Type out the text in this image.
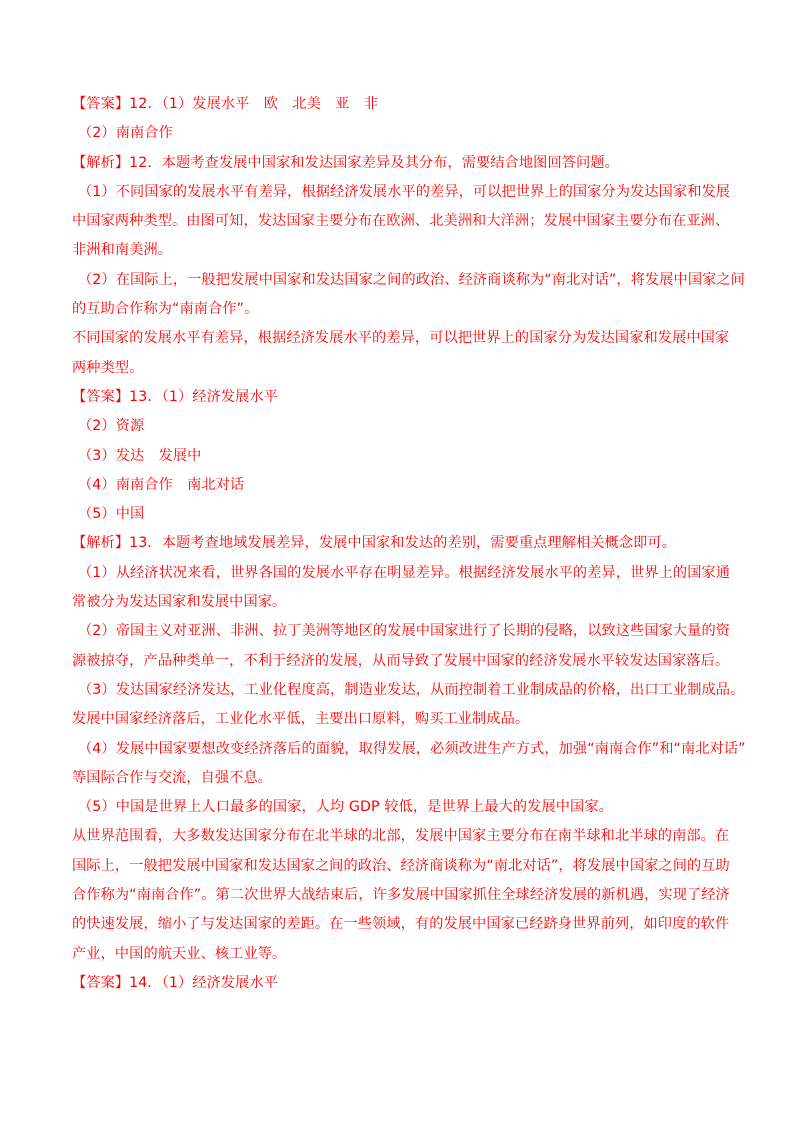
【答案】12．（1）发展水平　欧　北美　亚　非
（2）南南合作
【解析】12．本题考查发展中国家和发达国家差异及其分布，需要结合地图回答问题。
（1）不同国家的发展水平有差异，根据经济发展水平的差异，可以把世界上的国家分为发达国家和发展
中国家两种类型。由图可知，发达国家主要分布在欧洲、北美洲和大洋洲；发展中国家主要分布在亚洲、
非洲和南美洲。
（2）在国际上，一般把发展中国家和发达国家之间的政治、经济商谈称为“南北对话”，将发展中国家之间
的互助合作称为“南南合作”。
不同国家的发展水平有差异，根据经济发展水平的差异，可以把世界上的国家分为发达国家和发展中国家
两种类型。
【答案】13．（1）经济发展水平
（2）资源
（3）发达　发展中
（4）南南合作　南北对话
（5）中国
【解析】13．本题考查地域发展差异，发展中国家和发达的差别，需要重点理解相关概念即可。
（1）从经济状况来看，世界各国的发展水平存在明显差异。根据经济发展水平的差异，世界上的国家通
常被分为发达国家和发展中国家。
（2）帝国主义对亚洲、非洲、拉丁美洲等地区的发展中国家进行了长期的侵略，以致这些国家大量的资
源被掠夺，产品种类单一，不利于经济的发展，从而导致了发展中国家的经济发展水平较发达国家落后。
（3）发达国家经济发达，工业化程度高，制造业发达，从而控制着工业制成品的价格，出口工业制成品。
发展中国家经济落后，工业化水平低，主要出口原料，购买工业制成品。
（4）发展中国家要想改变经济落后的面貌，取得发展，必须改进生产方式，加强“南南合作”和“南北对话”
等国际合作与交流，自强不息。
（5）中国是世界上人口最多的国家，人均 GDP 较低，是世界上最大的发展中国家。
从世界范围看，大多数发达国家分布在北半球的北部，发展中国家主要分布在南半球和北半球的南部。在
国际上，一般把发展中国家和发达国家之间的政治、经济商谈称为“南北对话”，将发展中国家之间的互助
合作称为“南南合作”。第二次世界大战结束后，许多发展中国家抓住全球经济发展的新机遇，实现了经济
的快速发展，缩小了与发达国家的差距。在一些领域，有的发展中国家已经跻身世界前列，如印度的软件
产业，中国的航天业、核工业等。
【答案】14．（1）经济发展水平
